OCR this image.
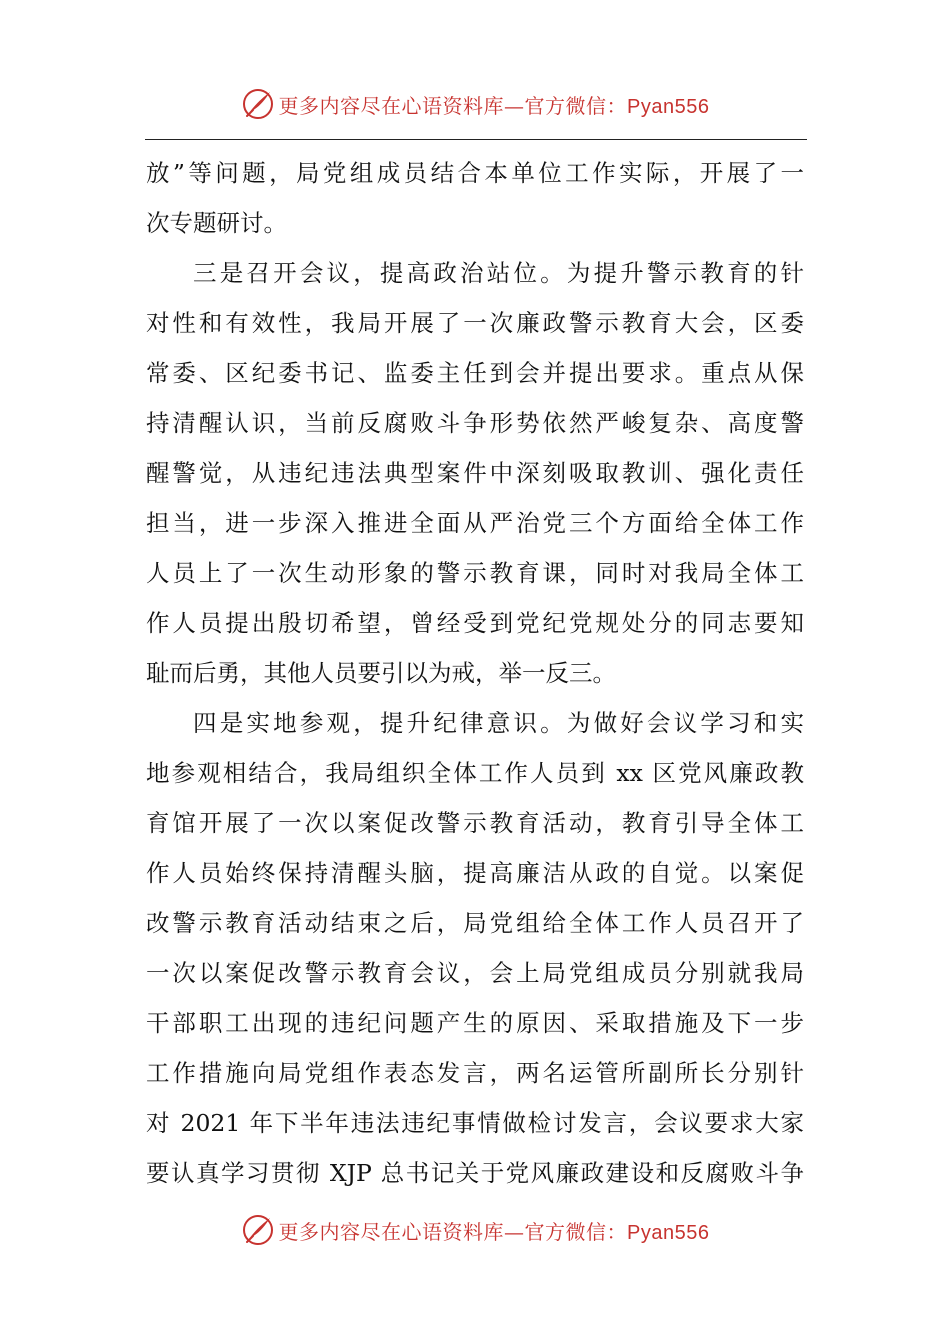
更多内容尽在心语资料库—官方微信：Pyan556
放”等问题，局党组成员结合本单位工作实际，开展了一
次专题研讨。
三是召开会议，提高政治站位。为提升警示教育的针
对性和有效性，我局开展了一次廉政警示教育大会，区委
常委、区纪委书记、监委主任到会并提出要求。重点从保
持清醒认识，当前反腐败斗争形势依然严峻复杂、高度警
醒警觉，从违纪违法典型案件中深刻吸取教训、强化责任
担当，进一步深入推进全面从严治党三个方面给全体工作
人员上了一次生动形象的警示教育课，同时对我局全体工
作人员提出殷切希望，曾经受到党纪党规处分的同志要知
耻而后勇，其他人员要引以为戒，举一反三。
四是实地参观，提升纪律意识。为做好会议学习和实
地参观相结合，我局组织全体工作人员到 xx 区党风廉政教
育馆开展了一次以案促改警示教育活动，教育引导全体工
作人员始终保持清醒头脑，提高廉洁从政的自觉。以案促
改警示教育活动结束之后，局党组给全体工作人员召开了
一次以案促改警示教育会议，会上局党组成员分别就我局
干部职工出现的违纪问题产生的原因、采取措施及下一步
工作措施向局党组作表态发言，两名运管所副所长分别针
对 2021 年下半年违法违纪事情做检讨发言，会议要求大家
要认真学习贯彻 XJP 总书记关于党风廉政建设和反腐败斗争
更多内容尽在心语资料库—官方微信：Pyan556
